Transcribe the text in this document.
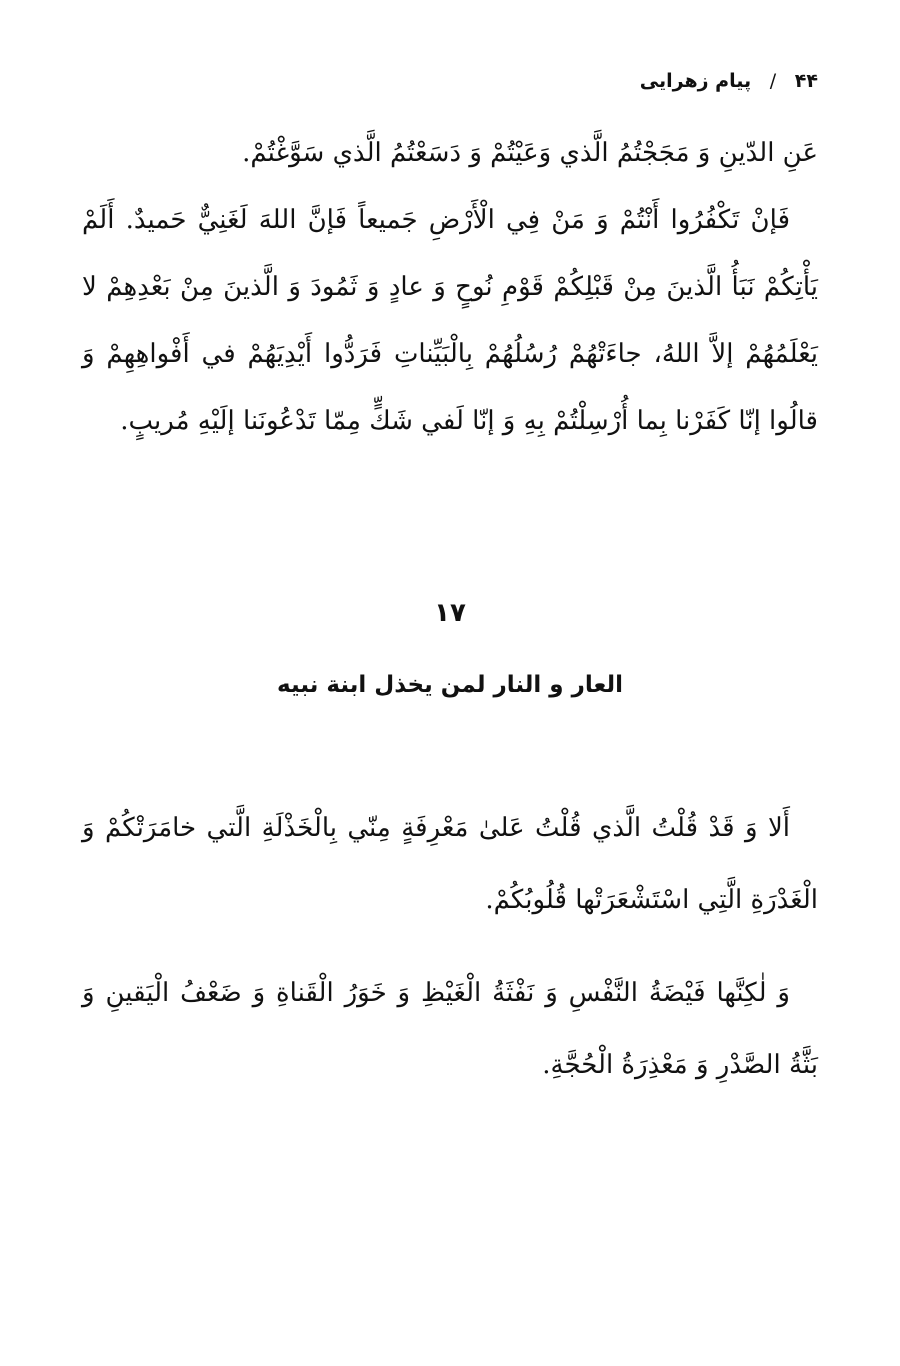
۴۴ / پیام زهرایی

عَنِ الدّينِ وَ مَجَجْتُمُ الَّذي وَعَيْتُمْ وَ دَسَعْتُمُ الَّذي سَوَّغْتُمْ.

فَإنْ تَكْفُرُوا أَنْتُمْ وَ مَنْ فِي الْأَرْضِ جَميعاً فَإنَّ اللهَ لَغَنِيٌّ حَميدٌ. أَلَمْ يَأْتِكُمْ نَبَأُ الَّذينَ مِنْ قَبْلِكُمْ قَوْمِ نُوحٍ وَ عادٍ وَ ثَمُودَ وَ الَّذينَ مِنْ بَعْدِهِمْ لا يَعْلَمُهُمْ إلاَّ اللهُ، جاءَتْهُمْ رُسُلُهُمْ بِالْبَيِّناتِ فَرَدُّوا أَيْدِيَهُمْ في أَفْواهِهِمْ وَ قالُوا إنّا كَفَرْنا بِما أُرْسِلْتُمْ بِهِ وَ إنّا لَفي شَكٍّ مِمّا تَدْعُونَنا إلَيْهِ مُريبٍ.

۱۷
العار و النار لمن يخذل ابنة نبيه

أَلا وَ قَدْ قُلْتُ الَّذي قُلْتُ عَلىٰ مَعْرِفَةٍ مِنّي بِالْخَذْلَةِ الَّتي خامَرَتْكُمْ وَ الْغَدْرَةِ الَّتِي اسْتَشْعَرَتْها قُلُوبُكُمْ.

وَ لٰكِنَّها فَيْضَةُ النَّفْسِ وَ نَفْثَةُ الْغَيْظِ وَ خَوَرُ الْقَناةِ وَ ضَعْفُ الْيَقينِ وَ بَثَّةُ الصَّدْرِ وَ مَعْذِرَةُ الْحُجَّةِ.
